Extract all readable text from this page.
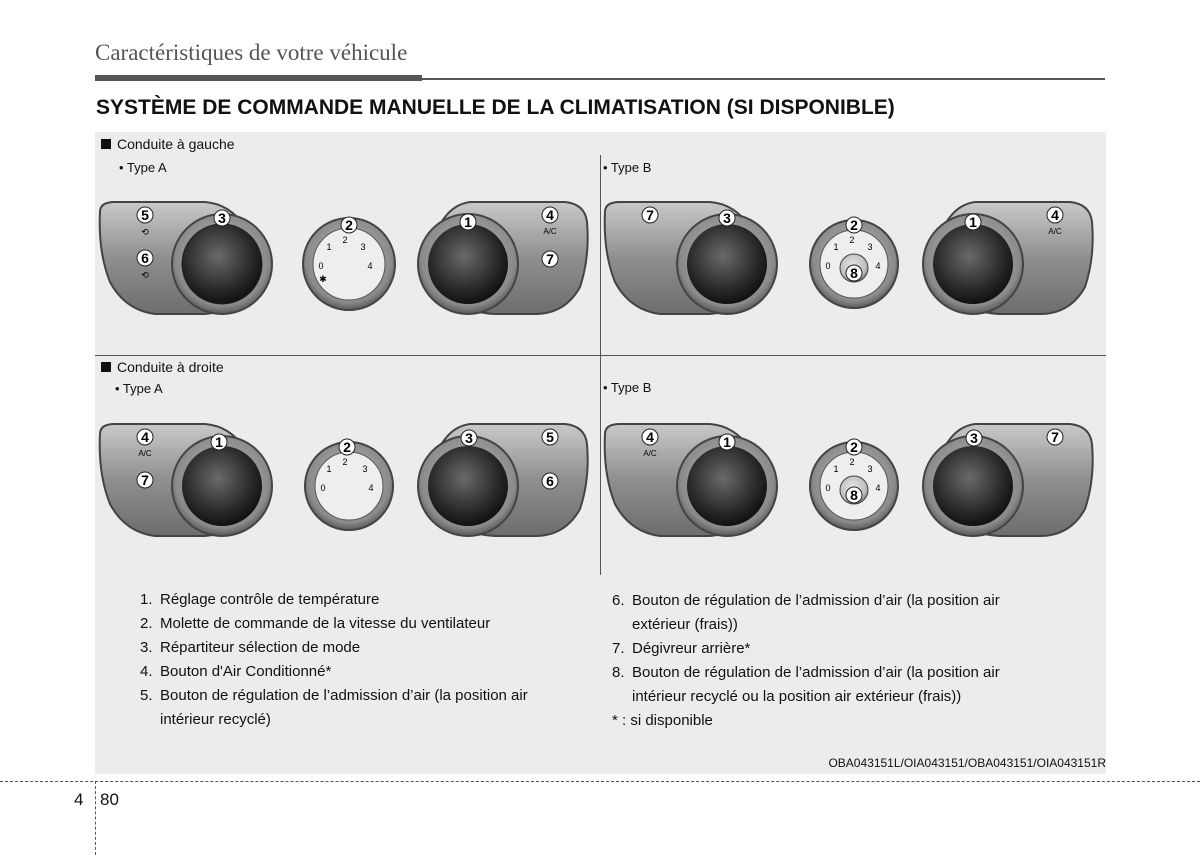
Caractéristiques de votre véhicule
SYSTÈME DE COMMANDE MANUELLE DE LA CLIMATISATION (SI DISPONIBLE)
Conduite à gauche
• Type A	• Type B
Conduite à droite
• Type A	• Type B
5
6
3
⟲
⟲
0
1
2
3
4
✱
2	1	4
A/C
7
7	3
0
1
2
3
4
2
8
1	4
A/C
4
A/C
7
1
0
1
2
3
4
2
3	5
6
4
A/C
1
0
1
2
3
4
2
8
3	7
1. Réglage contrôle de température
2. Molette de commande de la vitesse du ventilateur
3. Répartiteur sélection de mode
4. Bouton d'Air Conditionné*
5. Bouton de régulation de l’admission d’air (la position air intérieur recyclé)
6. Bouton de régulation de l’admission d’air (la position air extérieur (frais))
7. Dégivreur arrière*
8. Bouton de régulation de l’admission d’air (la position air intérieur recyclé ou la position air extérieur (frais))
* : si disponible
OBA043151L/OIA043151/OBA043151/OIA043151R
4 80
